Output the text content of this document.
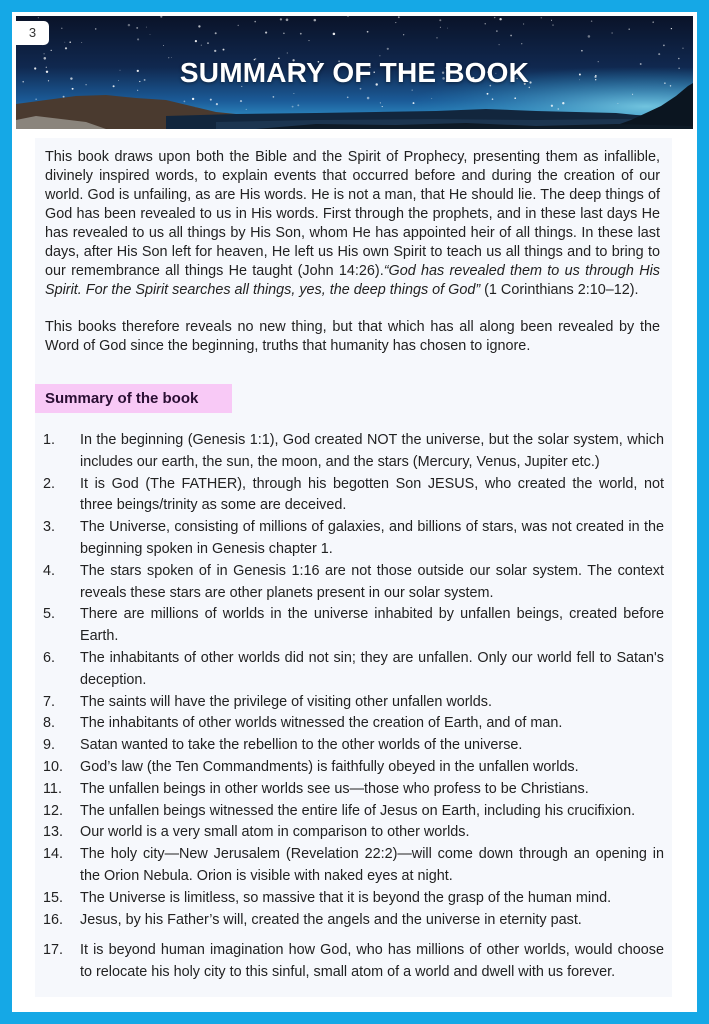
3
SUMMARY OF THE BOOK

This book draws upon both the Bible and the Spirit of Prophecy, presenting them as infallible, divinely inspired words, to explain events that occurred before and during the creation of our world. God is unfailing, as are His words. He is not a man, that He should lie. The deep things of God has been revealed to us in His words. First through the prophets, and in these last days He has revealed to us all things by His Son, whom He has appointed heir of all things. In these last days, after His Son left for heaven, He left us His own Spirit to teach us all things and to bring to our remembrance all things He taught (John 14:26).“God has revealed them to us through His Spirit. For the Spirit searches all things, yes, the deep things of God” (1 Corinthians 2:10–12).

This books therefore reveals no new thing, but that which has all along been revealed by the Word of God since the beginning, truths that humanity has chosen to ignore.

Summary of the book
1.	In the beginning (Genesis 1:1), God created NOT the universe, but the solar system, which includes our earth, the sun, the moon, and the stars (Mercury, Venus, Jupiter etc.)
2.	It is God (The FATHER), through his begotten Son JESUS, who created the world, not three beings/trinity as some are deceived.
3.	The Universe, consisting of millions of galaxies, and billions of stars, was not created in the beginning spoken in Genesis chapter 1.
4.	The stars spoken of in Genesis 1:16 are not those outside our solar system. The context reveals these stars are other planets present in our solar system.
5.	There are millions of worlds in the universe inhabited by unfallen beings, created before Earth.
6.	The inhabitants of other worlds did not sin; they are unfallen. Only our world fell to Satan's deception.
7.	The saints will have the privilege of visiting other unfallen worlds.
8.	The inhabitants of other worlds witnessed the creation of Earth, and of man.
9.	Satan wanted to take the rebellion to the other worlds of the universe.
10.	God’s law (the Ten Commandments) is faithfully obeyed in the unfallen worlds.
11.	The unfallen beings in other worlds see us—those who profess to be Christians.
12.	The unfallen beings witnessed the entire life of Jesus on Earth, including his crucifixion.
13.	Our world is a very small atom in comparison to other worlds.
14.	The holy city—New Jerusalem (Revelation 22:2)—will come down through an opening in the Orion Nebula. Orion is visible with naked eyes at night.
15.	The Universe is limitless, so massive that it is beyond the grasp of the human mind.
16.	Jesus, by his Father’s will, created the angels and the universe in eternity past.
17.	It is beyond human imagination how God, who has millions of other worlds, would choose to relocate his holy city to this sinful, small atom of a world and dwell with us forever.
